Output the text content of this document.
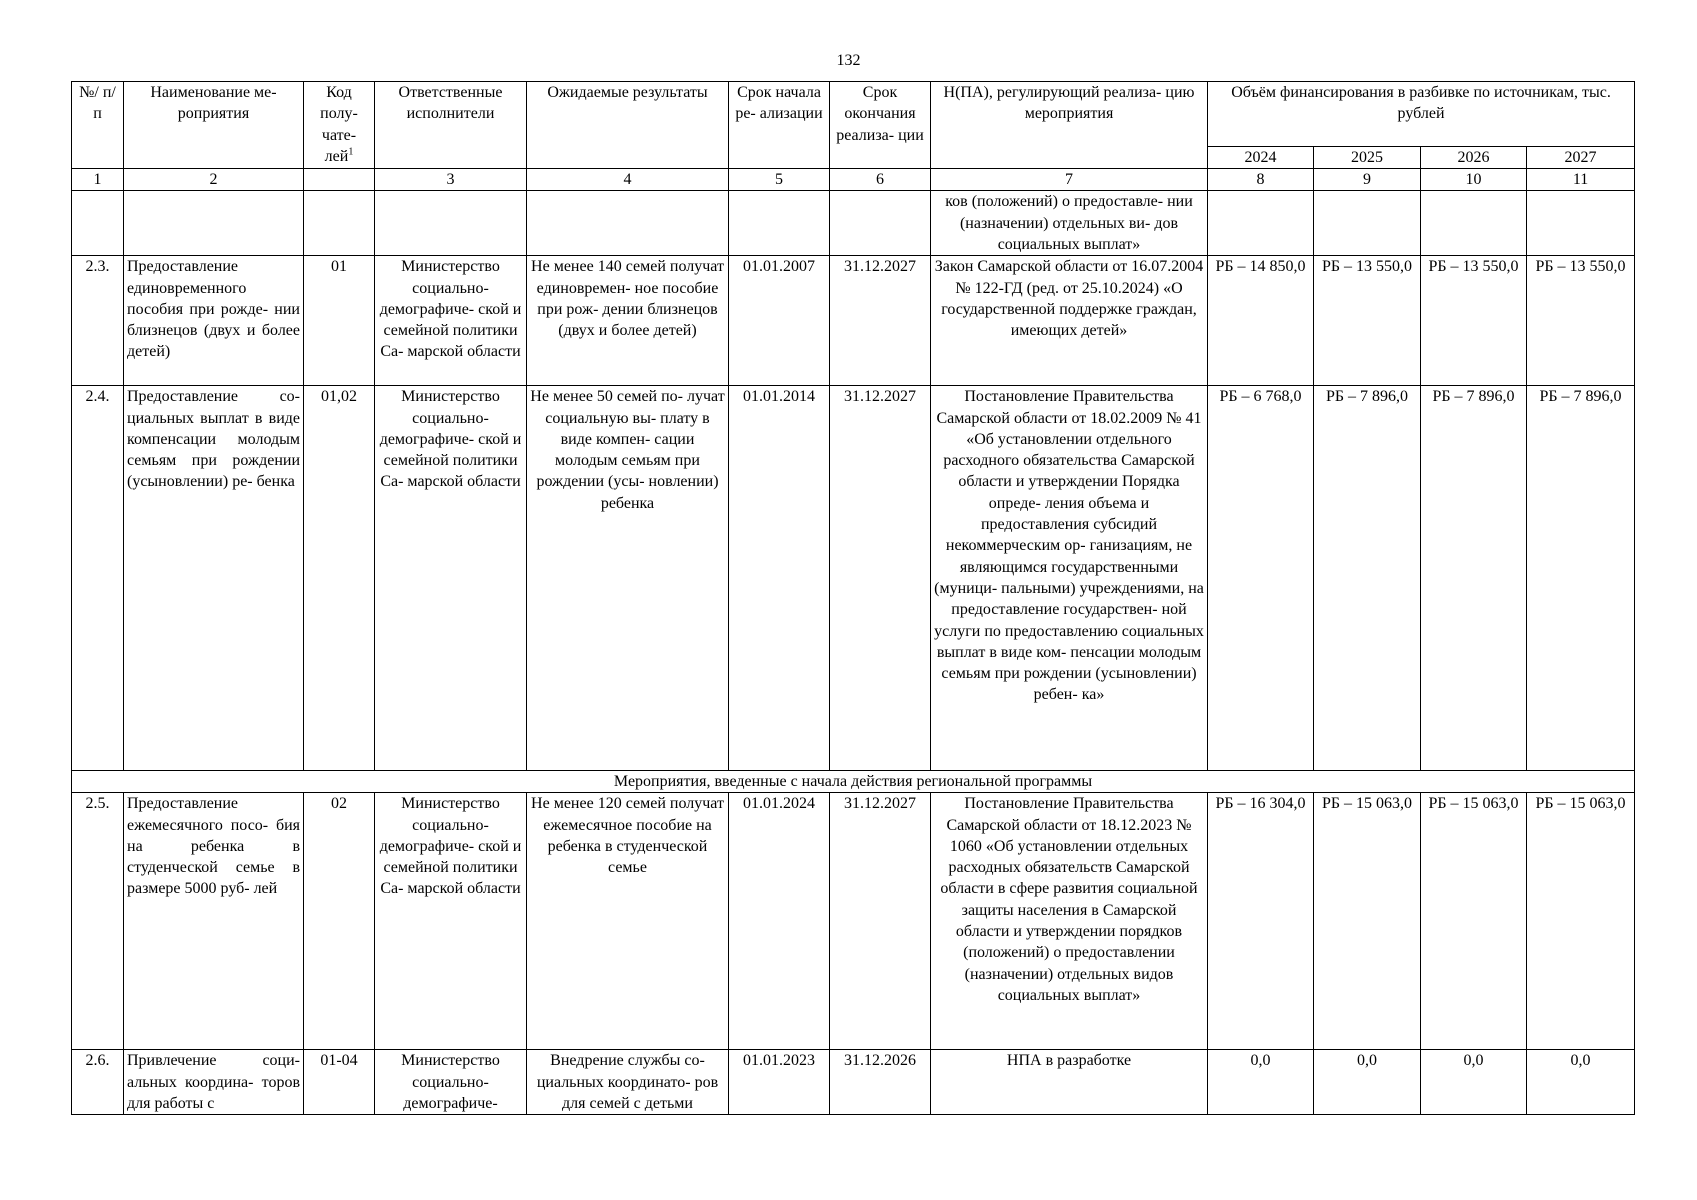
132
№/ п/п	Наименование ме- роприятия	Код полу- чате- лей$^1$	Ответственные исполнители	Ожидаемые результаты	Срок начала ре- ализации	Срок окончания реализа- ции	Н(ПА), регулирующий реализа- цию мероприятия	Объём финансирования в разбивке по источникам, тыс. рублей			
								2024	2025	2026	2027
1	2		3	4	5	6	7	8	9	10	11
							ков (положений) о предоставле- нии (назначении) отдельных ви- дов социальных выплат»				
2.3.	Предоставление единовременного пособия при рожде- нии близнецов (двух и более детей)	01	Министерство социально- демографиче- ской и семейной политики Са- марской области	Не менее 140 семей получат единовремен- ное пособие при рож- дении близнецов (двух и более детей)	01.01.2007	31.12.2027	Закон Самарской области от 16.07.2004 № 122-ГД (ред. от 25.10.2024) «О государственной поддержке граждан, имеющих детей»	РБ – 14 850,0	РБ – 13 550,0	РБ – 13 550,0	РБ – 13 550,0
2.4.	Предоставление со- циальных выплат в виде компенсации молодым семьям при рождении (усыновлении) ре- бенка	01,02	Министерство социально- демографиче- ской и семейной политики Са- марской области	Не менее 50 семей по- лучат социальную вы- плату в виде компен- сации молодым семьям при рождении (усы- новлении) ребенка	01.01.2014	31.12.2027	Постановление Правительства Самарской области от 18.02.2009 № 41 «Об установлении отдельного расходного обязательства Самарской области и утверждении Порядка опреде- ления объема и предоставления субсидий некоммерческим ор- ганизациям, не являющимся государственными (муници- пальными) учреждениями, на предоставление государствен- ной услуги по предоставлению социальных выплат в виде ком- пенсации молодым семьям при рождении (усыновлении) ребен- ка»	РБ – 6 768,0	РБ – 7 896,0	РБ – 7 896,0	РБ – 7 896,0
Мероприятия, введенные с начала действия региональной программы											
2.5.	Предоставление ежемесячного посо- бия на ребенка в студенческой семье в размере 5000 руб- лей	02	Министерство социально- демографиче- ской и семейной политики Са- марской области	Не менее 120 семей получат ежемесячное пособие на ребенка в студенческой семье	01.01.2024	31.12.2027	Постановление Правительства Самарской области от 18.12.2023 № 1060 «Об установлении отдельных расходных обязательств Самарской области в сфере развития социальной защиты населения в Самарской области и утверждении порядков (положений) о предоставлении (назначении) отдельных видов социальных выплат»	РБ – 16 304,0	РБ – 15 063,0	РБ – 15 063,0	РБ – 15 063,0
2.6.	Привлечение соци- альных координа- торов для работы с	01-04	Министерство социально- демографиче-	Внедрение службы со- циальных координато- ров для семей с детьми	01.01.2023	31.12.2026	НПА в разработке	0,0	0,0	0,0	0,0
